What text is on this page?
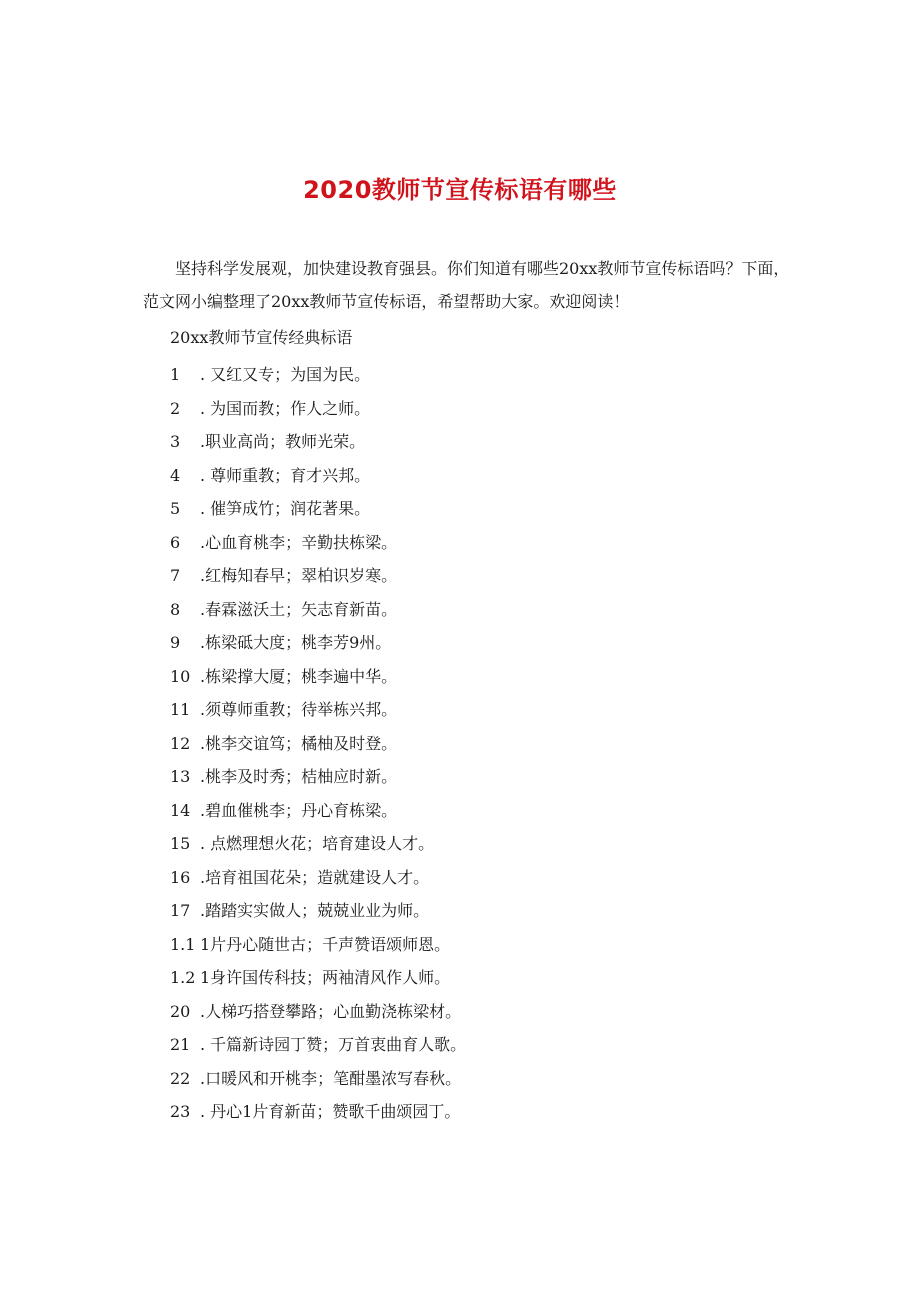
2020教师节宣传标语有哪些

坚持科学发展观，加快建设教育强县。你们知道有哪些20xx教师节宣传标语吗？下面，范文网小编整理了20xx教师节宣传标语，希望帮助大家。欢迎阅读！

20xx教师节宣传经典标语

1	. 又红又专；为国为民。
2	. 为国而教；作人之师。
3	.职业高尚；教师光荣。
4	. 尊师重教；育才兴邦。
5	. 催笋成竹；润花著果。
6	.心血育桃李；辛勤扶栋梁。
7	.红梅知春早；翠柏识岁寒。
8	.春霖滋沃土；矢志育新苗。
9	.栋梁砥大度；桃李芳9州。
10 .栋梁撑大厦；桃李遍中华。
11 .须尊师重教；待举栋兴邦。
12 .桃李交谊笃；橘柚及时登。
13 .桃李及时秀；桔柚应时新。
14 .碧血催桃李；丹心育栋梁。
15 . 点燃理想火花；培育建设人才。
16 .培育祖国花朵；造就建设人才。
17 .踏踏实实做人；兢兢业业为师。
1.1 1片丹心随世古；千声赞语颂师恩。
1.2 1身许国传科技；两袖清风作人师。
20 .人梯巧搭登攀路；心血勤浇栋梁材。
21 . 千篇新诗园丁赞；万首衷曲育人歌。
22 .口暖风和开桃李；笔酣墨浓写春秋。
23 . 丹心1片育新苗；赞歌千曲颂园丁。
